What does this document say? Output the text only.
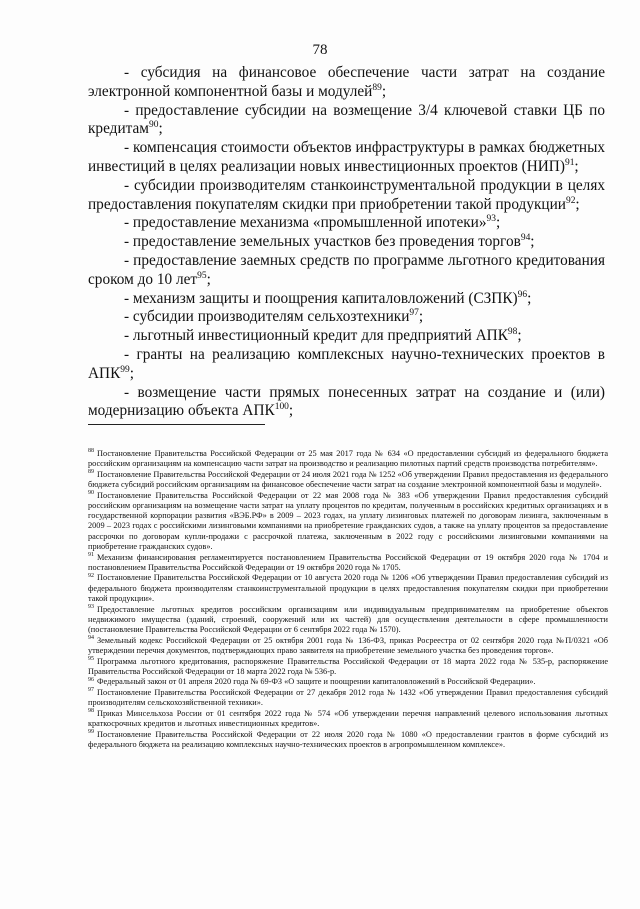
78

- субсидия на финансовое обеспечение части затрат на создание электронной компонентной базы и модулей$^{89}$;

- предоставление субсидии на возмещение 3/4 ключевой ставки ЦБ по кредитам$^{90}$;

- компенсация стоимости объектов инфраструктуры в рамках бюджетных инвестиций в целях реализации новых инвестиционных проектов (НИП)$^{91}$;

- субсидии производителям станкоинструментальной продукции в целях предоставления покупателям скидки при приобретении такой продукции$^{92}$;

- предоставление механизма «промышленной ипотеки»$^{93}$;

- предоставление земельных участков без проведения торгов$^{94}$;

- предоставление заемных средств по программе льготного кредитования сроком до 10 лет$^{95}$;

- механизм защиты и поощрения капиталовложений (СЗПК)$^{96}$;

- субсидии производителям сельхозтехники$^{97}$;

- льготный инвестиционный кредит для предприятий АПК$^{98}$;

- гранты на реализацию комплексных научно-технических проектов в АПК$^{99}$;

- возмещение части прямых понесенных затрат на создание и (или) модернизацию объекта АПК$^{100}$;

$^{88}$ Постановление Правительства Российской Федерации от 25 мая 2017 года № 634 «О предоставлении субсидий из федерального бюджета российским организациям на компенсацию части затрат на производство и реализацию пилотных партий средств производства потребителям».

$^{89}$ Постановление Правительства Российской Федерации от 24 июля 2021 года № 1252 «Об утверждении Правил предоставления из федерального бюджета субсидий российским организациям на финансовое обеспечение части затрат на создание электронной компонентной базы и модулей».

$^{90}$ Постановление Правительства Российской Федерации от 22 мая 2008 года № 383 «Об утверждении Правил предоставления субсидий российским организациям на возмещение части затрат на уплату процентов по кредитам, полученным в российских кредитных организациях и в государственной корпорации развития «ВЭБ.РФ» в 2009 – 2023 годах, на уплату лизинговых платежей по договорам лизинга, заключенным в 2009 – 2023 годах с российскими лизинговыми компаниями на приобретение гражданских судов, а также на уплату процентов за предоставление рассрочки по договорам купли-продажи с рассрочкой платежа, заключенным в 2022 году с российскими лизинговыми компаниями на приобретение гражданских судов».

$^{91}$ Механизм финансирования регламентируется постановлением Правительства Российской Федерации от 19 октября 2020 года № 1704 и постановлением Правительства Российской Федерации от 19 октября 2020 года № 1705.

$^{92}$ Постановление Правительства Российской Федерации от 10 августа 2020 года № 1206 «Об утверждении Правил предоставления субсидий из федерального бюджета производителям станкоинструментальной продукции в целях предоставления покупателям скидки при приобретении такой продукции».

$^{93}$ Предоставление льготных кредитов российским организациям или индивидуальным предпринимателям на приобретение объектов недвижимого имущества (зданий, строений, сооружений или их частей) для осуществления деятельности в сфере промышленности (постановление Правительства Российской Федерации от 6 сентября 2022 года № 1570).

$^{94}$ Земельный кодекс Российской Федерации от 25 октября 2001 года № 136-ФЗ, приказ Росреестра от 02 сентября 2020 года №П/0321 «Об утверждении перечня документов, подтверждающих право заявителя на приобретение земельного участка без проведения торгов».

$^{95}$ Программа льготного кредитования, распоряжение Правительства Российской Федерации от 18 марта 2022 года № 535-р, распоряжение Правительства Российской Федерации от 18 марта 2022 года № 536-р.

$^{96}$ Федеральный закон от 01 апреля 2020 года № 69-ФЗ «О защите и поощрении капиталовложений в Российской Федерации».

$^{97}$ Постановление Правительства Российской Федерации от 27 декабря 2012 года № 1432 «Об утверждении Правил предоставления субсидий производителям сельскохозяйственной техники».

$^{98}$ Приказ Минсельхоза России от 01 сентября 2022 года № 574 «Об утверждении перечня направлений целевого использования льготных краткосрочных кредитов и льготных инвестиционных кредитов».

$^{99}$ Постановление Правительства Российской Федерации от 22 июля 2020 года № 1080 «О предоставлении грантов в форме субсидий из федерального бюджета на реализацию комплексных научно-технических проектов в агропромышленном комплексе».
